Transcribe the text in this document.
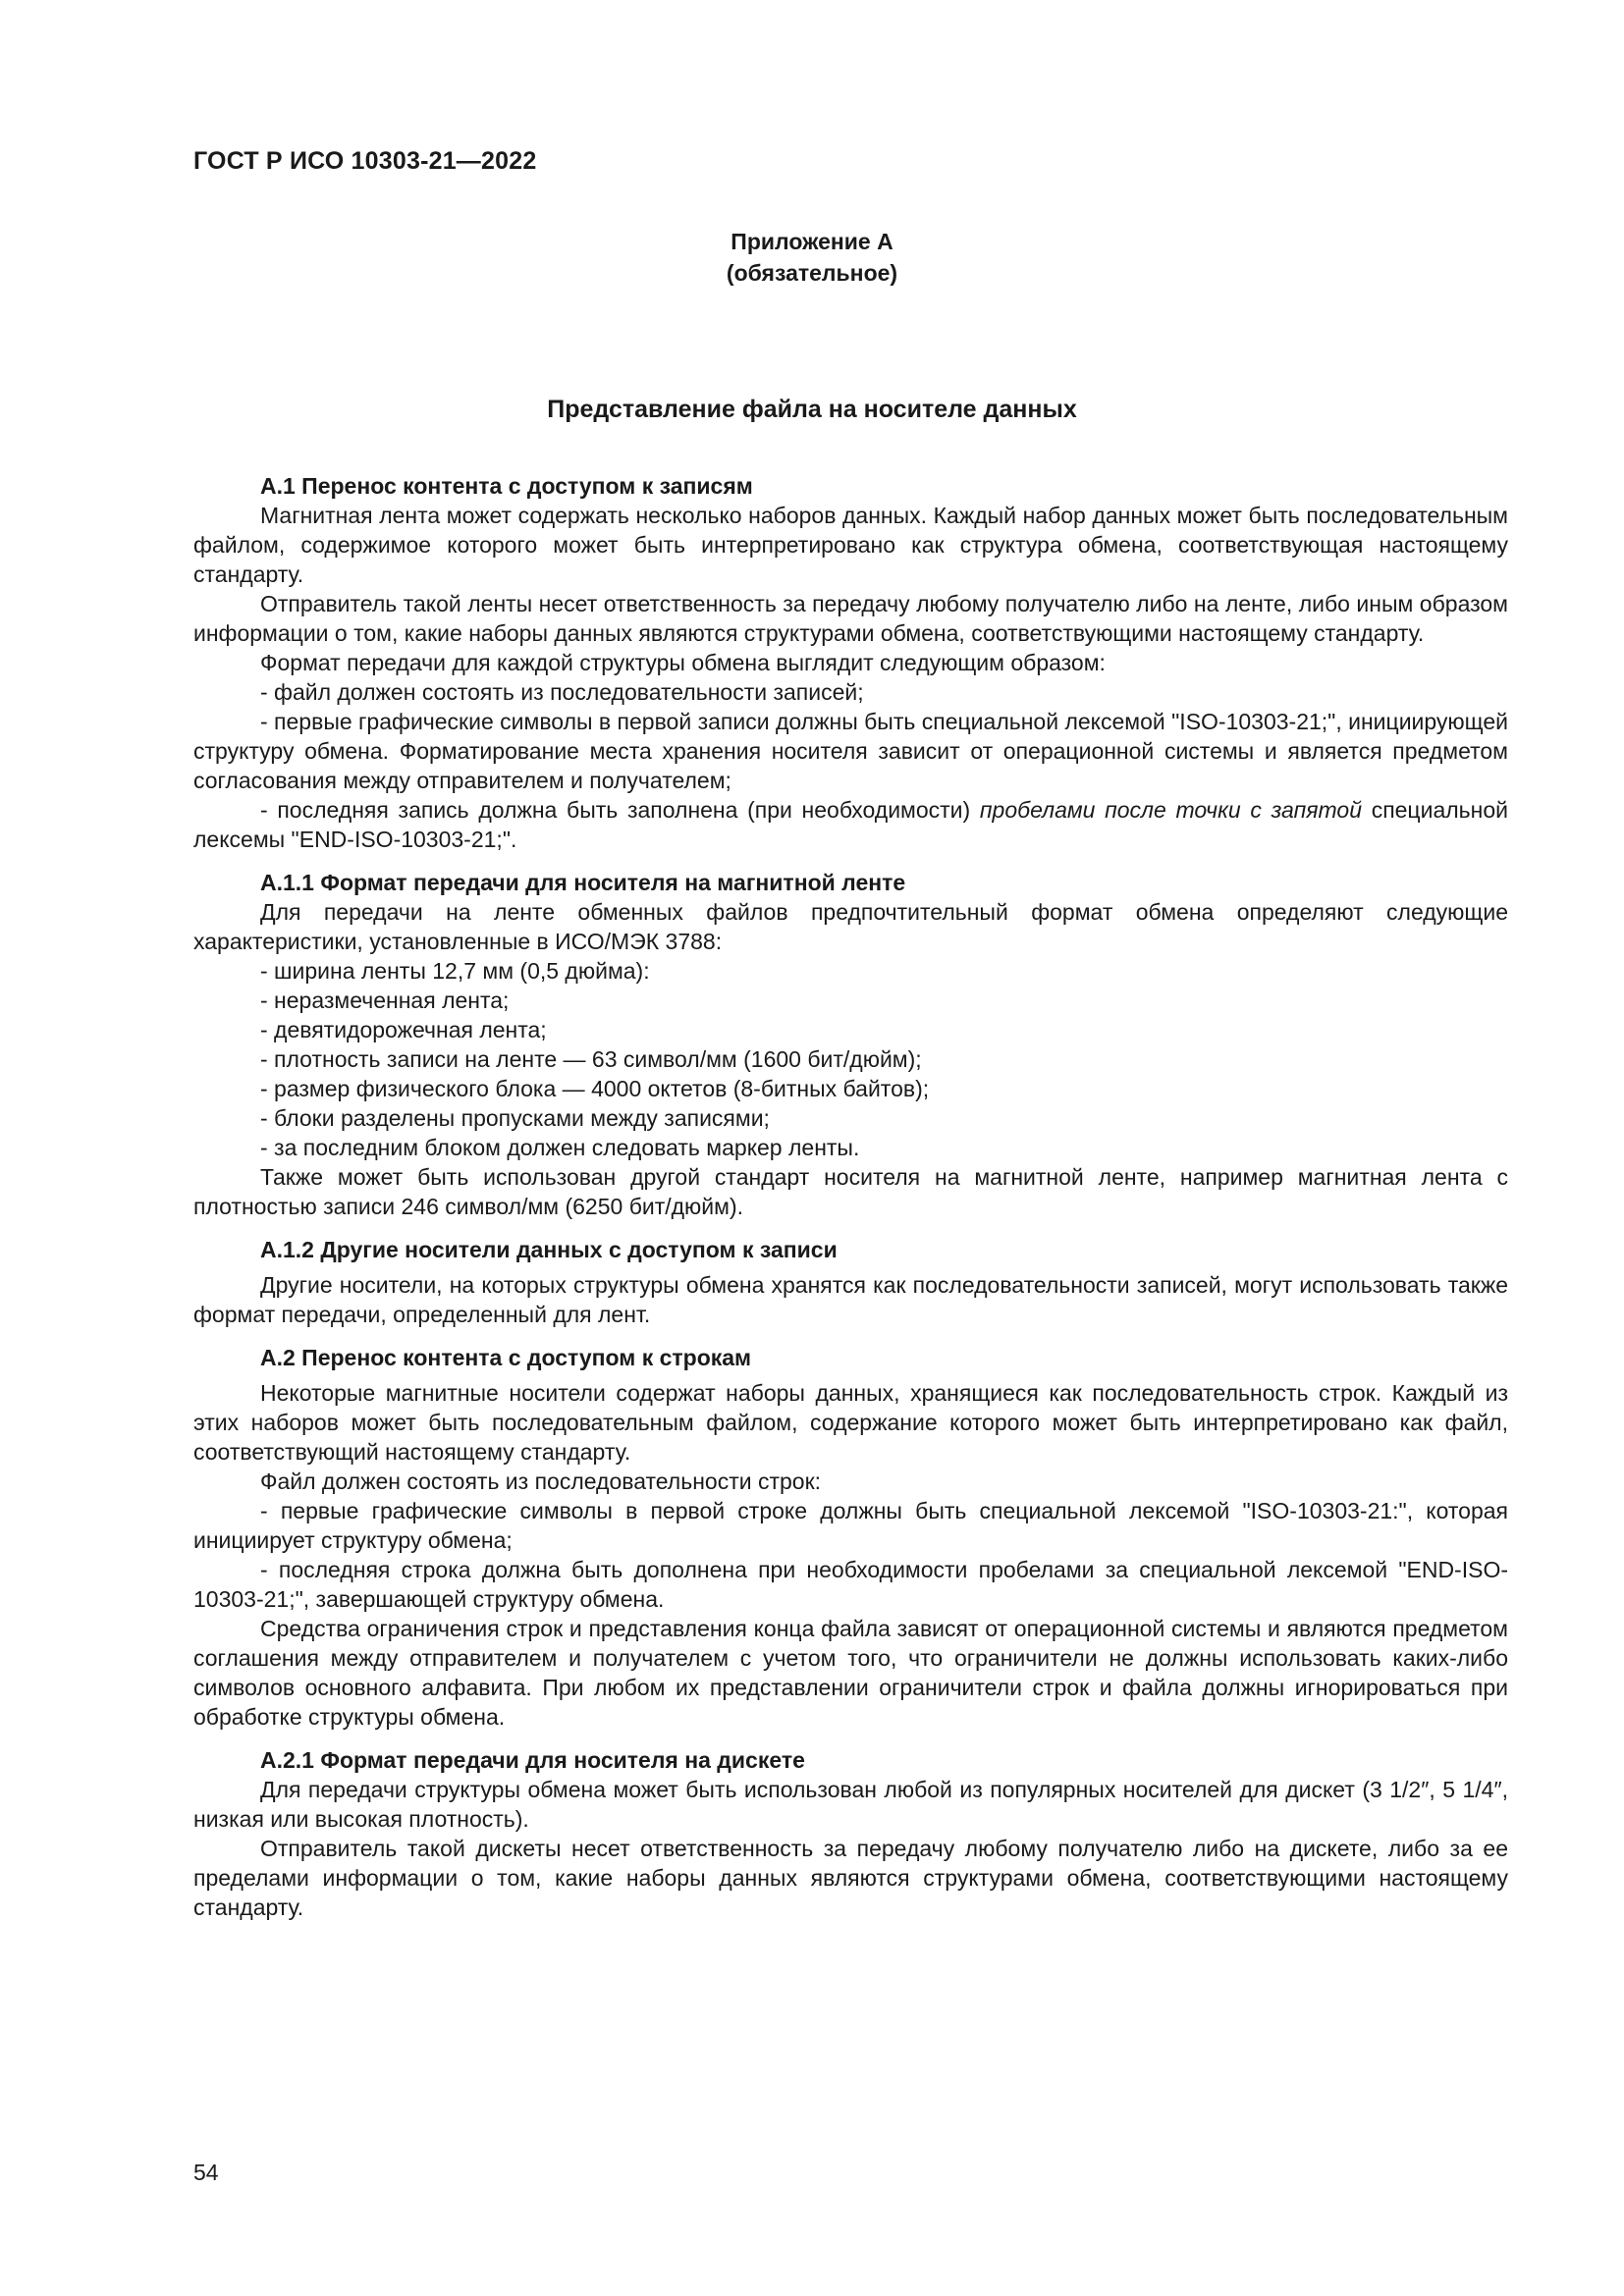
ГОСТ Р ИСО 10303-21—2022
Приложение А
(обязательное)
Представление файла на носителе данных
А.1 Перенос контента с доступом к записям

Магнитная лента может содержать несколько наборов данных. Каждый набор данных может быть последовательным файлом, содержимое которого может быть интерпретировано как структура обмена, соответствующая настоящему стандарту.

Отправитель такой ленты несет ответственность за передачу любому получателю либо на ленте, либо иным образом информации о том, какие наборы данных являются структурами обмена, соответствующими настоящему стандарту.

Формат передачи для каждой структуры обмена выглядит следующим образом:

- файл должен состоять из последовательности записей;

- первые графические символы в первой записи должны быть специальной лексемой "ISO-10303-21;", инициирующей структуру обмена. Форматирование места хранения носителя зависит от операционной системы и является предметом согласования между отправителем и получателем;

- последняя запись должна быть заполнена (при необходимости) пробелами после точки с запятой специальной лексемы "END-ISO-10303-21;".

А.1.1 Формат передачи для носителя на магнитной ленте

Для передачи на ленте обменных файлов предпочтительный формат обмена определяют следующие характеристики, установленные в ИСО/МЭК 3788:

- ширина ленты 12,7 мм (0,5 дюйма):
- неразмеченная лента;
- девятидорожечная лента;
- плотность записи на ленте — 63 символ/мм (1600 бит/дюйм);
- размер физического блока — 4000 октетов (8-битных байтов);
- блоки разделены пропусками между записями;
- за последним блоком должен следовать маркер ленты.

Также может быть использован другой стандарт носителя на магнитной ленте, например магнитная лента с плотностью записи 246 символ/мм (6250 бит/дюйм).

А.1.2 Другие носители данных с доступом к записи

Другие носители, на которых структуры обмена хранятся как последовательности записей, могут использовать также формат передачи, определенный для лент.

А.2 Перенос контента с доступом к строкам

Некоторые магнитные носители содержат наборы данных, хранящиеся как последовательность строк. Каждый из этих наборов может быть последовательным файлом, содержание которого может быть интерпретировано как файл, соответствующий настоящему стандарту.

Файл должен состоять из последовательности строк:

- первые графические символы в первой строке должны быть специальной лексемой "ISO-10303-21:", которая инициирует структуру обмена;

- последняя строка должна быть дополнена при необходимости пробелами за специальной лексемой "END-ISO-10303-21;", завершающей структуру обмена.

Средства ограничения строк и представления конца файла зависят от операционной системы и являются предметом соглашения между отправителем и получателем с учетом того, что ограничители не должны использовать каких-либо символов основного алфавита. При любом их представлении ограничители строк и файла должны игнорироваться при обработке структуры обмена.

А.2.1 Формат передачи для носителя на дискете

Для передачи структуры обмена может быть использован любой из популярных носителей для дискет (3 1/2″, 5 1/4″, низкая или высокая плотность).

Отправитель такой дискеты несет ответственность за передачу любому получателю либо на дискете, либо за ее пределами информации о том, какие наборы данных являются структурами обмена, соответствующими настоящему стандарту.

54
